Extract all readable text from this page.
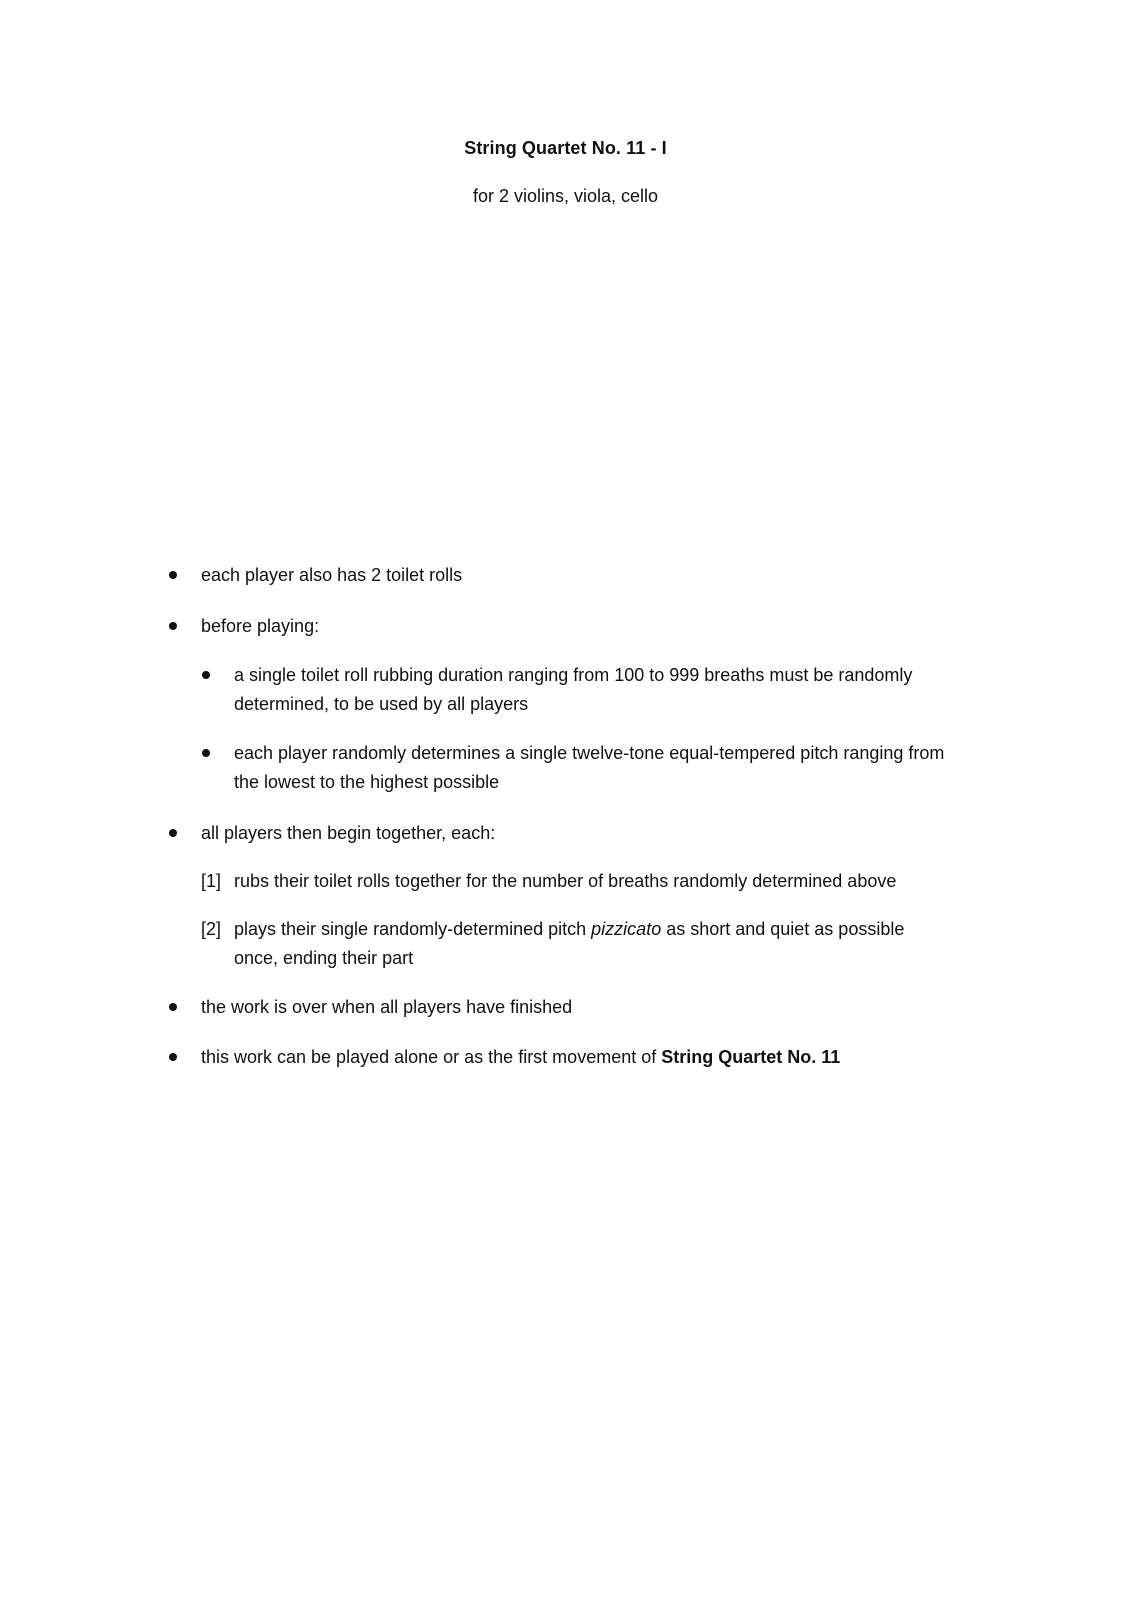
String Quartet No. 11 - I
for 2 violins, viola, cello
each player also has 2 toilet rolls
before playing:
a single toilet roll rubbing duration ranging from 100 to 999 breaths must be randomly determined, to be used by all players
each player randomly determines a single twelve-tone equal-tempered pitch ranging from the lowest to the highest possible
all players then begin together, each:
[1] rubs their toilet rolls together for the number of breaths randomly determined above
[2] plays their single randomly-determined pitch pizzicato as short and quiet as possible once, ending their part
the work is over when all players have finished
this work can be played alone or as the first movement of String Quartet No. 11
